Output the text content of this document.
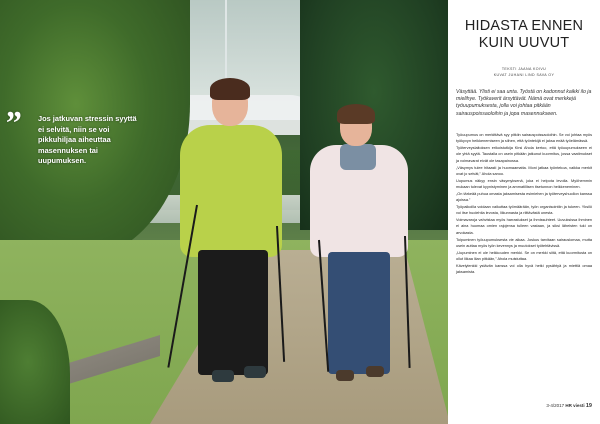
”	Jos jatkuvan stressin syyttä ei selvitä, niin se voi pikkuhiljaa aiheuttaa masennuksen tai uupumuksen.
HIDASTA ENNEN
KUIN UUVUT
TEKSTI JAANA KOIVU
KUVAT JUHANI LIND SAVA OY

Väsyttää. Ylisti ei saa unta. Työstä on kadonnut kaikki ilo ja mielihye. Työkaverit ärsyttävät. Nämä ovat merkkejä työuupumuksesta, jolla voi johtaa pitkään sairauspoissaoloihin ja jopa masennukseen.

Työuupumus on merkittävä syy pitkiin sairauspoissaoloihin. Se voi johtaa myös työkyvyn heikkenemiseen ja siihen, että työntekijä ei jaksa enää työelämässä.

Työterveyslaitoksen erikoistutkija Kirsi Ahola kertoo, että työuupumukseen ei ole yhtä syytä. Taustalla on usein pitkään jatkunut kuormitus, jossa vaatimukset ja voimavarat eivät ole tasapainossa.

„Väsymys tulee hitaasti ja huomaamatta. Moni jatkaa työntekoa, vaikka merkit ovat jo selvät,” Ahola sanoo.

Uupumus näkyy ensin väsymyksenä, joka ei helpota levolla. Myöhemmin mukaan tulevat kyynistyminen ja ammatillisen itsetunnon heikkeneminen.

„On tärkeää puhua omasta jaksamisesta esimiehen ja työterveyshuollon kanssa ajoissa.”

Työpaikoilla voidaan vaikuttaa työmäärään, työn organisointiin ja tukeen. Yksilö voi itse huolehtia levosta, liikunnasta ja riittävästä unesta.

Voimavaroja vahvistaa myös harrastukset ja ihmissuhteet. Uuvuksissa ihminen ei aina huomaa omien rajojensa tulleen vastaan, ja siksi läheisten tuki on arvokasta.

Toipuminen työuupumuksesta vie aikaa. Joskus tarvitaan sairauslomaa, mutta usein auttaa myös työn kevennys ja muutokset työtehtävissä.

„Uupuminen ei ole heikkouden merkki. Se on merkki siitä, että kuormitusta on ollut liikaa liian pitkään,” Ahola muistuttaa.

Kävelylenkki ystävän kanssa voi olla hyvä hetki pysähtyä ja miettiä omaa jaksamista.

3-4/2017 HR viesti 19
